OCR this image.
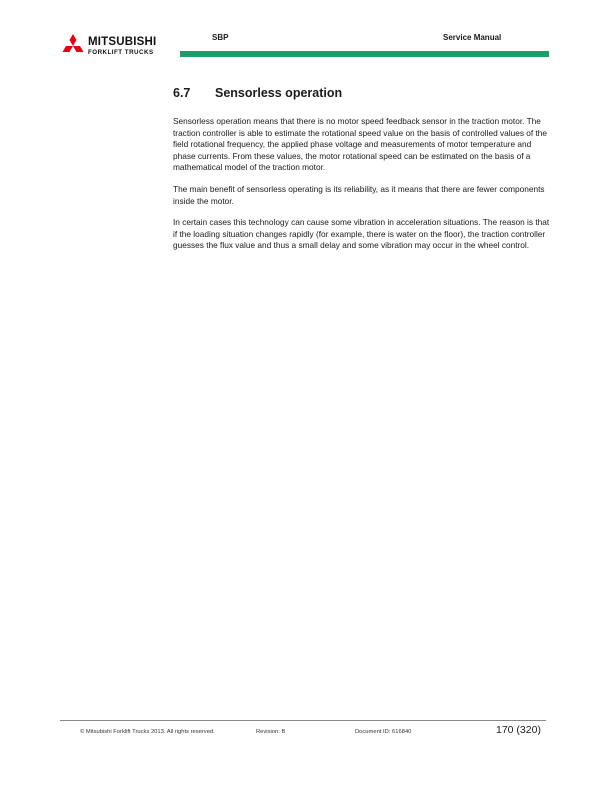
MITSUBISHI
FORKLIFT TRUCKS
SBP	Service Manual
6.7 Sensorless operation

Sensorless operation means that there is no motor speed feedback sensor in the traction motor. The traction controller is able to estimate the rotational speed value on the basis of controlled values of the field rotational frequency, the applied phase voltage and measurements of motor temperature and phase currents. From these values, the motor rotational speed can be estimated on the basis of a mathematical model of the traction motor.

The main benefit of sensorless operating is its reliability, as it means that there are fewer components inside the motor.

In certain cases this technology can cause some vibration in acceleration situations. The reason is that if the loading situation changes rapidly (for example, there is water on the floor), the traction controller guesses the flux value and thus a small delay and some vibration may occur in the wheel control.

© Mitsubishi Forklift Trucks 2013. All rights reserved.	Revision: B	Document ID: 616840	170 (320)
